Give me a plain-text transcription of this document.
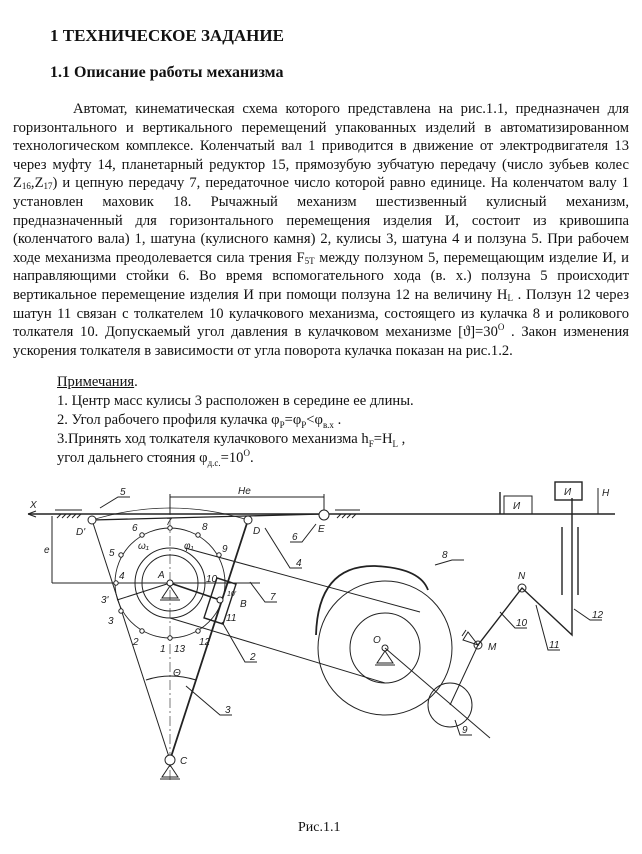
1 ТЕХНИЧЕСКОЕ ЗАДАНИЕ
1.1 Описание работы механизма
Автомат, кинематическая схема которого представлена на рис.1.1, предназначен для горизонтального и вертикального перемещений упакованных изделий в автоматизированном технологическом комплексе. Коленчатый вал 1 приводится в движение от электродвигателя 13 через муфту 14, планетарный редуктор 15, прямозубую зубчатую передачу (число зубьев колес $Z_{16},Z_{17}$) и цепную передачу 7, передаточное число которой равно единице. На коленчатом валу 1 установлен маховик 18. Рычажный механизм шестизвенный кулисный механизм, предназначенный для горизонтального перемещения изделия И, состоит из кривошипа (коленчатого вала) 1, шатуна (кулисного камня) 2, кулисы 3, шатуна 4 и ползуна 5. При рабочем ходе механизма преодолевается сила трения $F_{5T}$ между ползуном 5, перемещающим изделие И, и направляющими стойки 6. Во время вспомогательного хода (в. х.) ползуна 5 происходит вертикальное перемещение изделия И при помощи ползуна 12 на величину $H_L$ . Ползун 12 через шатун 11 связан с толкателем 10 кулачкового механизма, состоящего из кулачка 8 и роликового толкателя 10. Допускаемый угол давления в кулачковом механизме $[ϑ]=30^O$ . Закон изменения ускорения толкателя в зависимости от угла поворота кулачка показан на рис.1.2.
Примечания.
1. Центр масс кулисы 3 расположен в середине ее длины.
2. Угол рабочего профиля кулачка $\varphi_P=\varphi_P<\varphi_{в.х}$ .
3.Принять ход толкателя кулачкового механизма $h_F=H_L$ ,
угол дальнего стояния $\varphi_{д.с.}=10^O$.
X
He
e
Θ
И
И	H
D'	D	E
A
B
C
O
M
N
ω₁	φ₁
7
6
5
4
3'
3
2
1 13
12
10
10'
11
9
8
5
6
4
7
2
3
8
9
10
11
12
Рис.1.1
